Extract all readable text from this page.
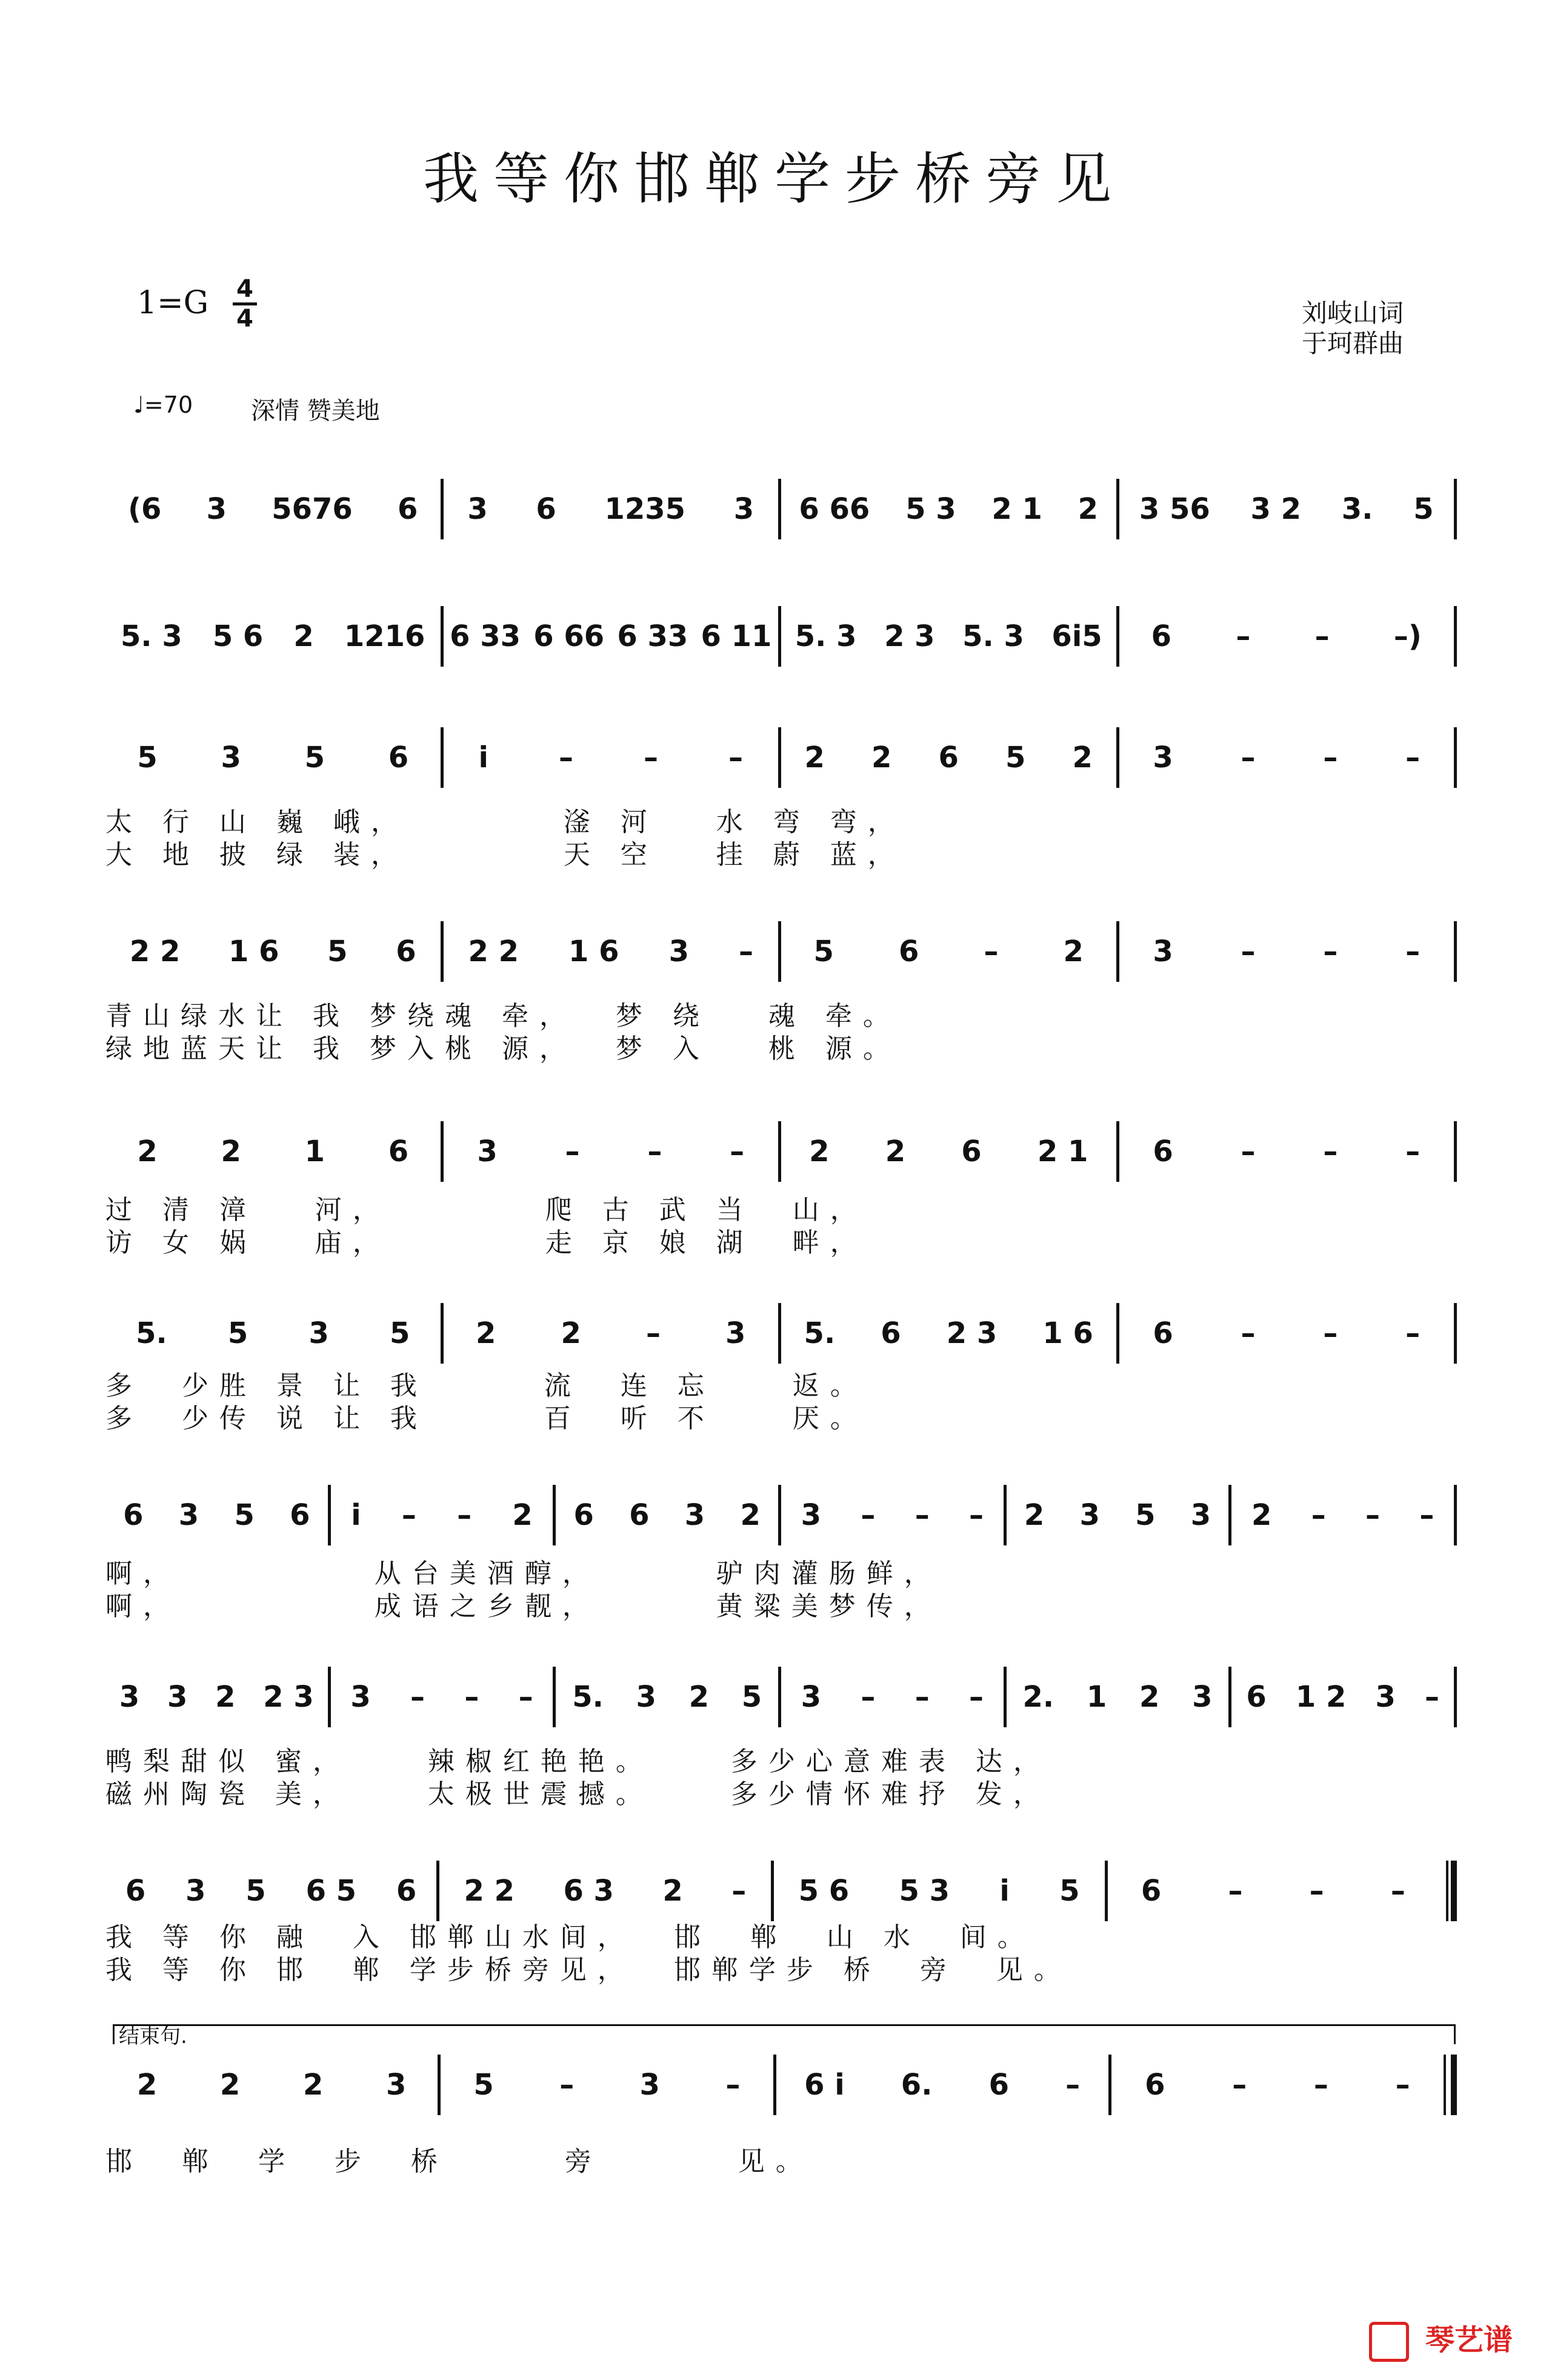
我等你邯郸学步桥旁见
1=G 4
4	刘岐山词
于珂群曲
♩=70 深情 赞美地
结束句.
(6 3 5676 6 3 6 1235 3 6 66 5 3 2 1 2 3 56 3 2 3. 5
5. 3 5 6 2 1216 6 33 6 66 6 33 6 11 5. 3 2 3 5. 3 6i5 6 – – –)
5 3 5 6 i – – – 2 2 6 5 2 3 – – –
2 2 1 6 5 6 2 2 1 6 3 – 5 6 – 2 3 – – –
2 2 1 6 3 – – – 2 2 6 2 1 6 – – –
5. 5 3 5 2 2 – 3 5. 6 2 3 1 6 6 – – –
6 3 5 6 i – – 2 6 6 3 2 3 – – – 2 3 5 3 2 – – –
3 3 2 2 3 3 – – – 5. 3 2 5 3 – – – 2. 1 2 3 6 1 2 3 –
6 3 5 6 5 6 2 2 6 3 2 – 5 6 5 3 i 5 6 – – –
2 2 2 3 5 – 3 – 6 i 6. 6 – 6 – – –
太 行 山 巍 峨，        滏 河   水 弯 弯，
大 地 披 绿 装，        天 空   挂 蔚 蓝，
青山绿水让 我 梦绕魂 牵，  梦 绕   魂 牵。
绿地蓝天让 我 梦入桃 源，  梦 入   桃 源。
过 清 漳   河，        爬 古 武 当  山，
访 女 娲   庙，        走 京 娘 湖  畔，
多  少胜 景 让 我      流  连 忘    返。
多  少传 说 让 我      百  听 不    厌。
啊，          从台美酒醇，      驴肉灌肠鲜，
啊，          成语之乡靓，      黄粱美梦传，
鸭梨甜似 蜜，    辣椒红艳艳。    多少心意难表 达，
磁州陶瓷 美，    太极世震撼。    多少情怀难抒 发，
我 等 你 融  入 邯郸山水间，  邯  郸  山 水  间。
我 等 你 邯  郸 学步桥旁见，  邯郸学步 桥  旁  见。
邯  郸  学  步  桥      旁       见。
琴艺谱
